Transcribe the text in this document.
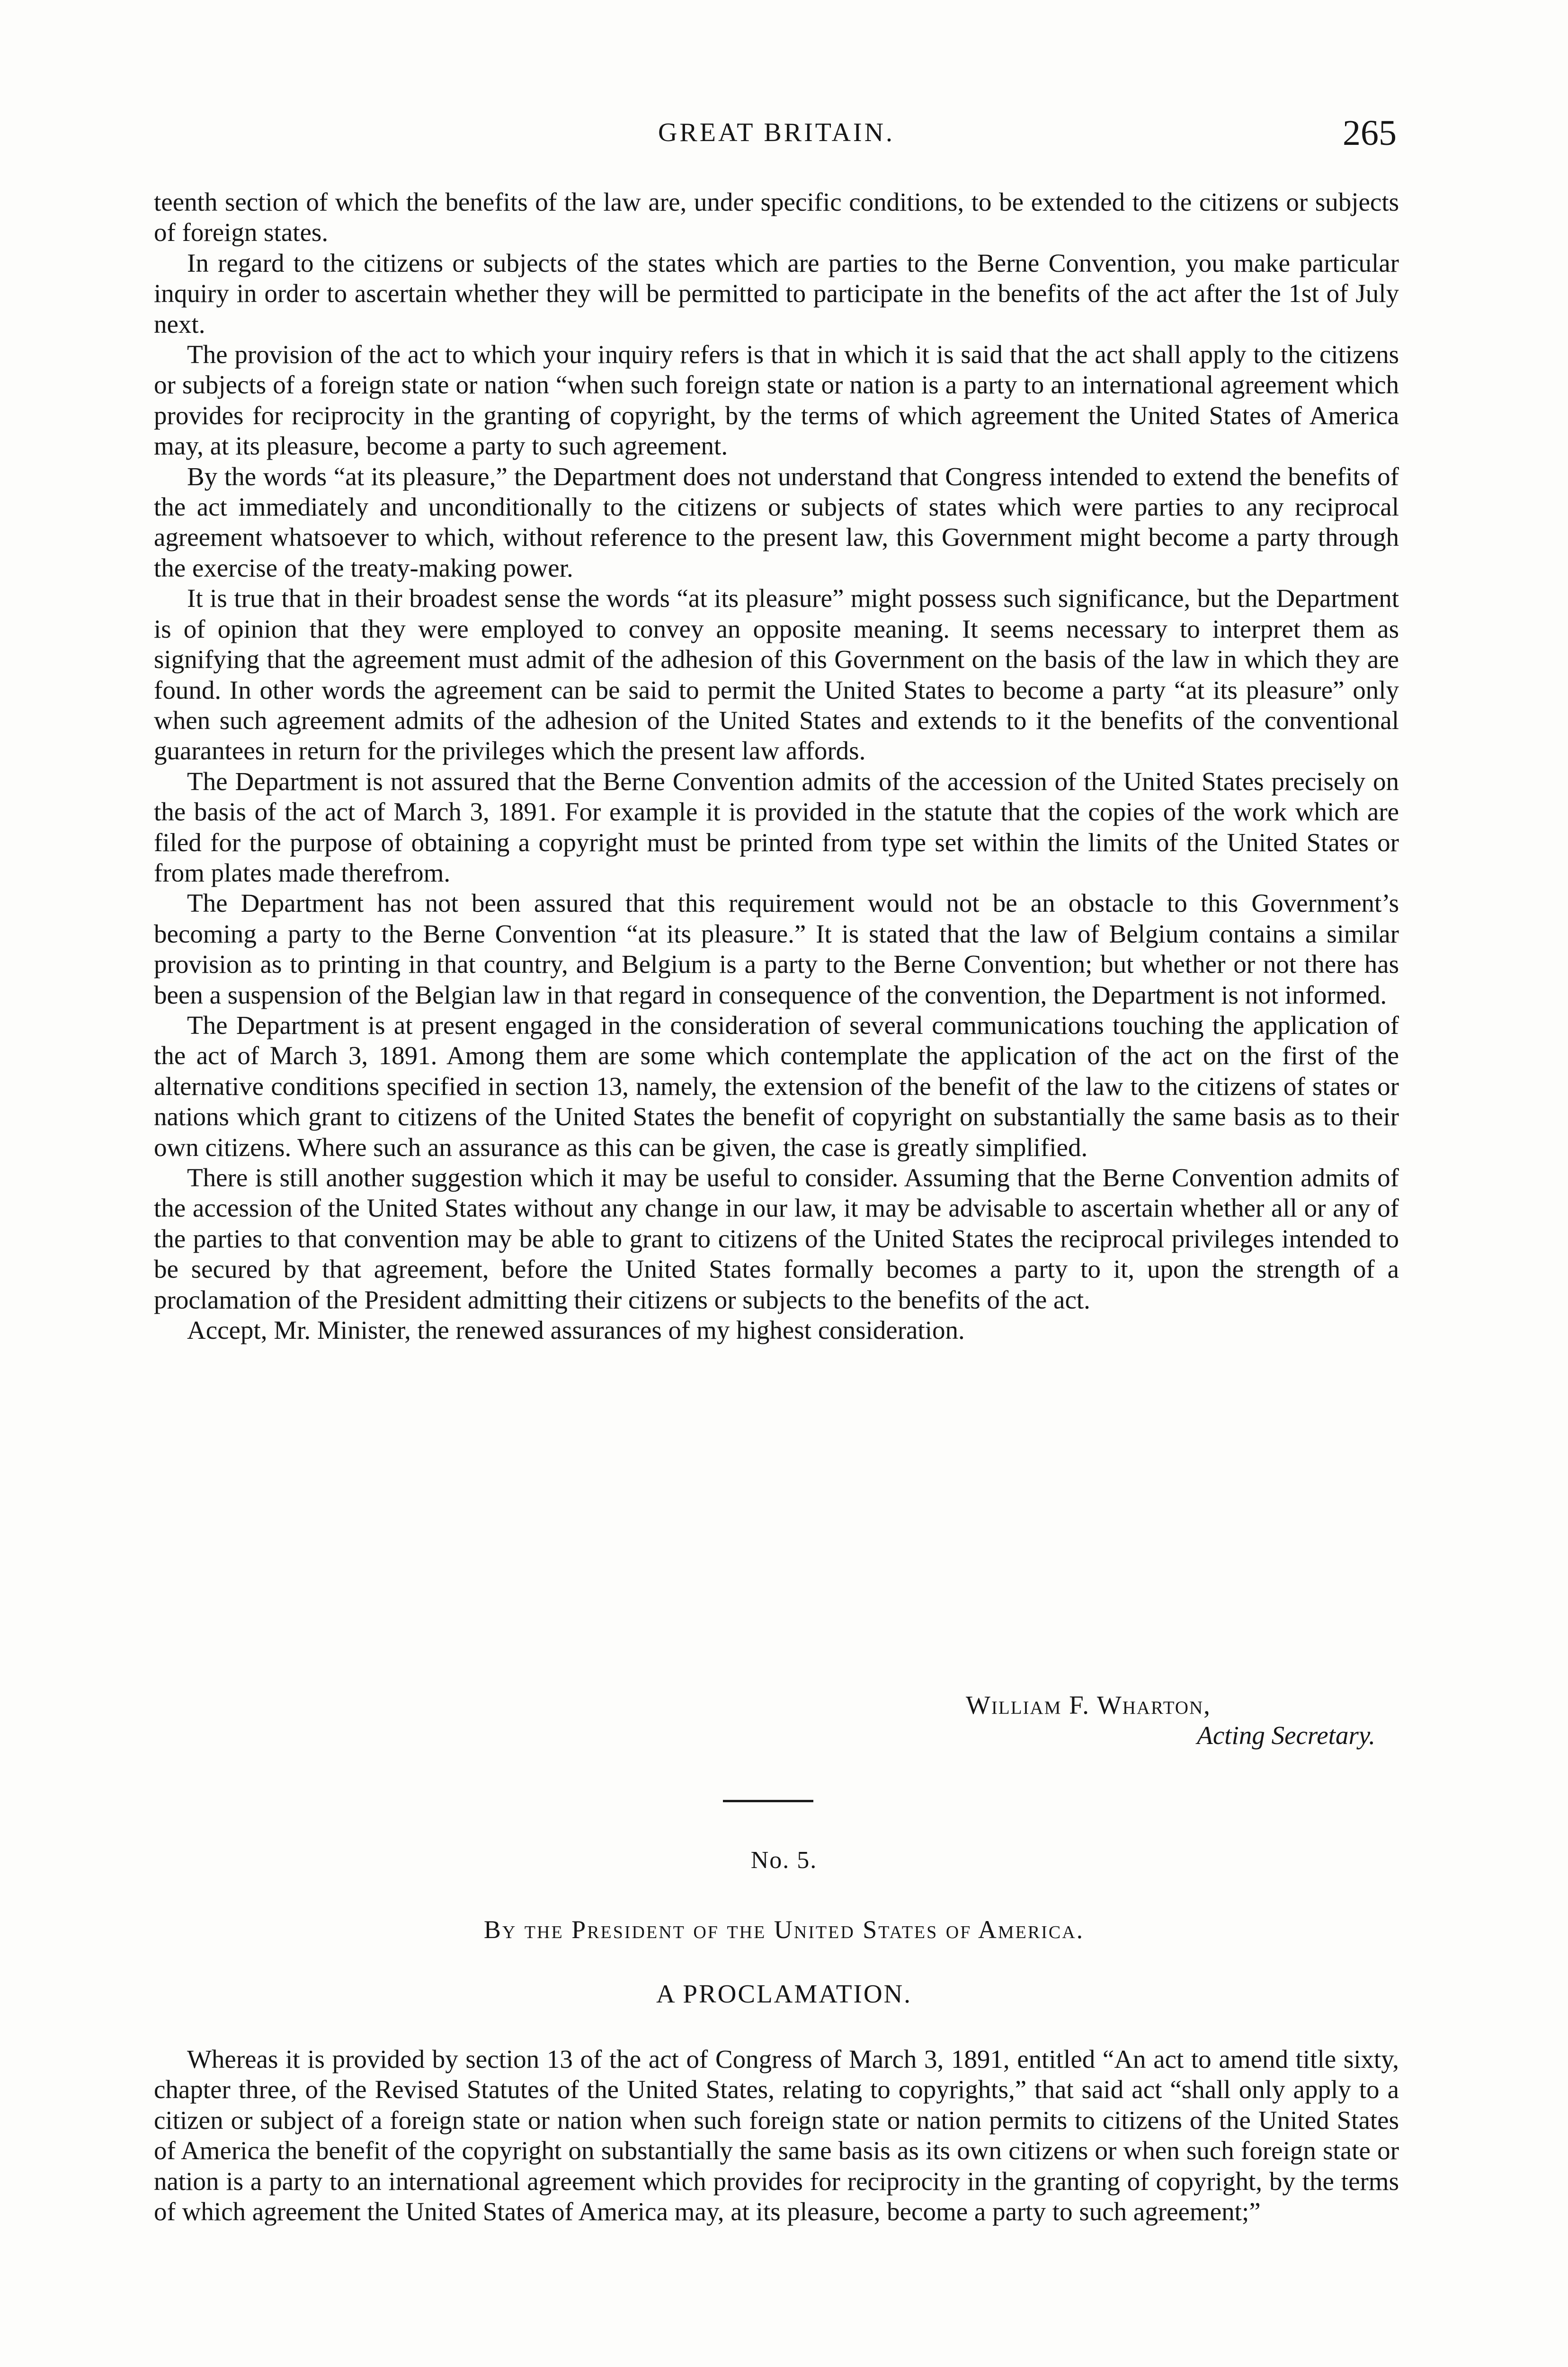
GREAT BRITAIN.	265

teenth section of which the benefits of the law are, under specific conditions, to be extended to the citizens or subjects of foreign states.

In regard to the citizens or subjects of the states which are parties to the Berne Convention, you make particular inquiry in order to ascertain whether they will be permitted to participate in the benefits of the act after the 1st of July next.

The provision of the act to which your inquiry refers is that in which it is said that the act shall apply to the citizens or subjects of a foreign state or nation “when such foreign state or nation is a party to an international agreement which provides for reciprocity in the granting of copyright, by the terms of which agreement the United States of America may, at its pleasure, become a party to such agreement.

By the words “at its pleasure,” the Department does not understand that Congress intended to extend the benefits of the act immediately and unconditionally to the citizens or subjects of states which were parties to any reciprocal agreement whatsoever to which, without reference to the present law, this Government might become a party through the exercise of the treaty-making power.

It is true that in their broadest sense the words “at its pleasure” might possess such significance, but the Department is of opinion that they were employed to convey an opposite meaning. It seems necessary to interpret them as signifying that the agreement must admit of the adhesion of this Government on the basis of the law in which they are found. In other words the agreement can be said to permit the United States to become a party “at its pleasure” only when such agreement admits of the adhesion of the United States and extends to it the benefits of the conventional guarantees in return for the privileges which the present law affords.

The Department is not assured that the Berne Convention admits of the accession of the United States precisely on the basis of the act of March 3, 1891. For example it is provided in the statute that the copies of the work which are filed for the purpose of obtaining a copyright must be printed from type set within the limits of the United States or from plates made therefrom.

The Department has not been assured that this requirement would not be an obstacle to this Government’s becoming a party to the Berne Convention “at its pleasure.” It is stated that the law of Belgium contains a similar provision as to printing in that country, and Belgium is a party to the Berne Convention; but whether or not there has been a suspension of the Belgian law in that regard in consequence of the convention, the Department is not informed.

The Department is at present engaged in the consideration of several communications touching the application of the act of March 3, 1891. Among them are some which contemplate the application of the act on the first of the alternative conditions specified in section 13, namely, the extension of the benefit of the law to the citizens of states or nations which grant to citizens of the United States the benefit of copyright on substantially the same basis as to their own citizens. Where such an assurance as this can be given, the case is greatly simplified.

There is still another suggestion which it may be useful to consider. Assuming that the Berne Convention admits of the accession of the United States without any change in our law, it may be advisable to ascertain whether all or any of the parties to that convention may be able to grant to citizens of the United States the reciprocal privileges intended to be secured by that agreement, before the United States formally becomes a party to it, upon the strength of a proclamation of the President admitting their citizens or subjects to the benefits of the act.

Accept, Mr. Minister, the renewed assurances of my highest consideration.

William F. Wharton,
Acting Secretary.
No. 5.
By the President of the United States of America.
A PROCLAMATION.

Whereas it is provided by section 13 of the act of Congress of March 3, 1891, entitled “An act to amend title sixty, chapter three, of the Revised Statutes of the United States, relating to copyrights,” that said act “shall only apply to a citizen or subject of a foreign state or nation when such foreign state or nation permits to citizens of the United States of America the benefit of the copyright on substantially the same basis as its own citizens or when such foreign state or nation is a party to an international agreement which provides for reciprocity in the granting of copyright, by the terms of which agreement the United States of America may, at its pleasure, become a party to such agreement;”
